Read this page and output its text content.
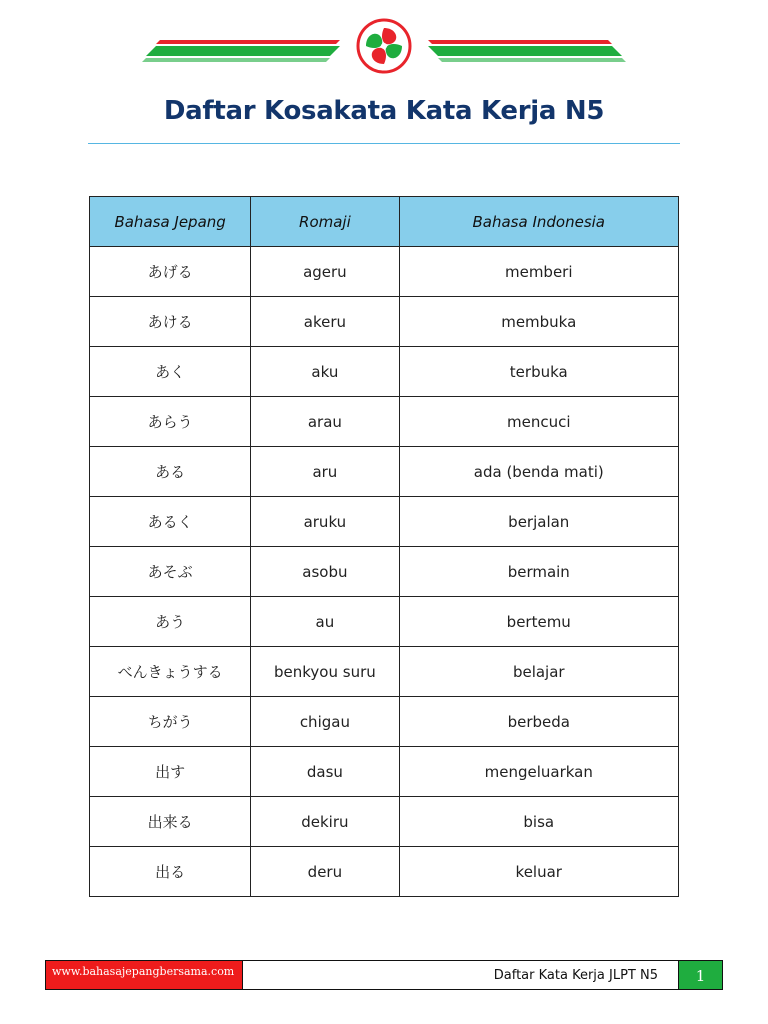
Daftar Kosakata Kata Kerja N5
Bahasa Jepang	Romaji	Bahasa Indonesia
あげる	ageru	memberi
あける	akeru	membuka
あく	aku	terbuka
あらう	arau	mencuci
ある	aru	ada (benda mati)
あるく	aruku	berjalan
あそぶ	asobu	bermain
あう	au	bertemu
べんきょうする	benkyou suru	belajar
ちがう	chigau	berbeda
出す	dasu	mengeluarkan
出来る	dekiru	bisa
出る	deru	keluar
www.bahasajepangbersama.com	Daftar Kata Kerja JLPT N5	1
